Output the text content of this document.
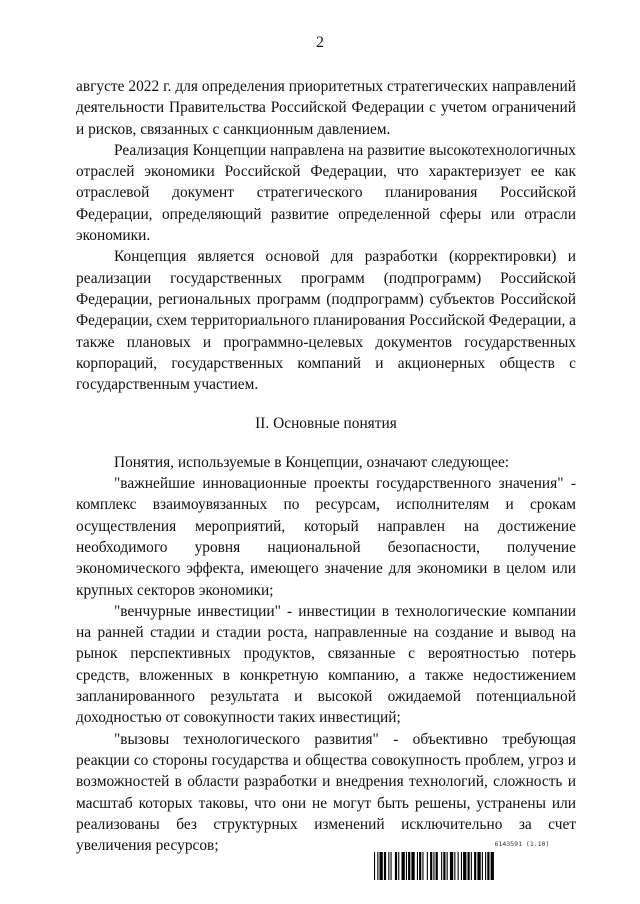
2

августе 2022 г. для определения приоритетных стратегических направлений деятельности Правительства Российской Федерации с учетом ограничений и рисков, связанных с санкционным давлением.

Реализация Концепции направлена на развитие высокотехнологичных отраслей экономики Российской Федерации, что характеризует ее как отраслевой документ стратегического планирования Российской Федерации, определяющий развитие определенной сферы или отрасли экономики.

Концепция является основой для разработки (корректировки) и реализации государственных программ (подпрограмм) Российской Федерации, региональных программ (подпрограмм) субъектов Российской Федерации, схем территориального планирования Российской Федерации, а также плановых и программно-целевых документов государственных корпораций, государственных компаний и акционерных обществ с государственным участием.

II. Основные понятия

Понятия, используемые в Концепции, означают следующее:

"важнейшие инновационные проекты государственного значения" - комплекс взаимоувязанных по ресурсам, исполнителям и срокам осуществления мероприятий, который направлен на достижение необходимого уровня национальной безопасности, получение экономического эффекта, имеющего значение для экономики в целом или крупных секторов экономики;

"венчурные инвестиции" - инвестиции в технологические компании на ранней стадии и стадии роста, направленные на создание и вывод на рынок перспективных продуктов, связанные с вероятностью потерь средств, вложенных в конкретную компанию, а также недостижением запланированного результата и высокой ожидаемой потенциальной доходностью от совокупности таких инвестиций;

"вызовы технологического развития" - объективно требующая реакции со стороны государства и общества совокупность проблем, угроз и возможностей в области разработки и внедрения технологий, сложность и масштаб которых таковы, что они не могут быть решены, устранены или реализованы без структурных изменений исключительно за счет увеличения ресурсов;	6143591 (1.10)
